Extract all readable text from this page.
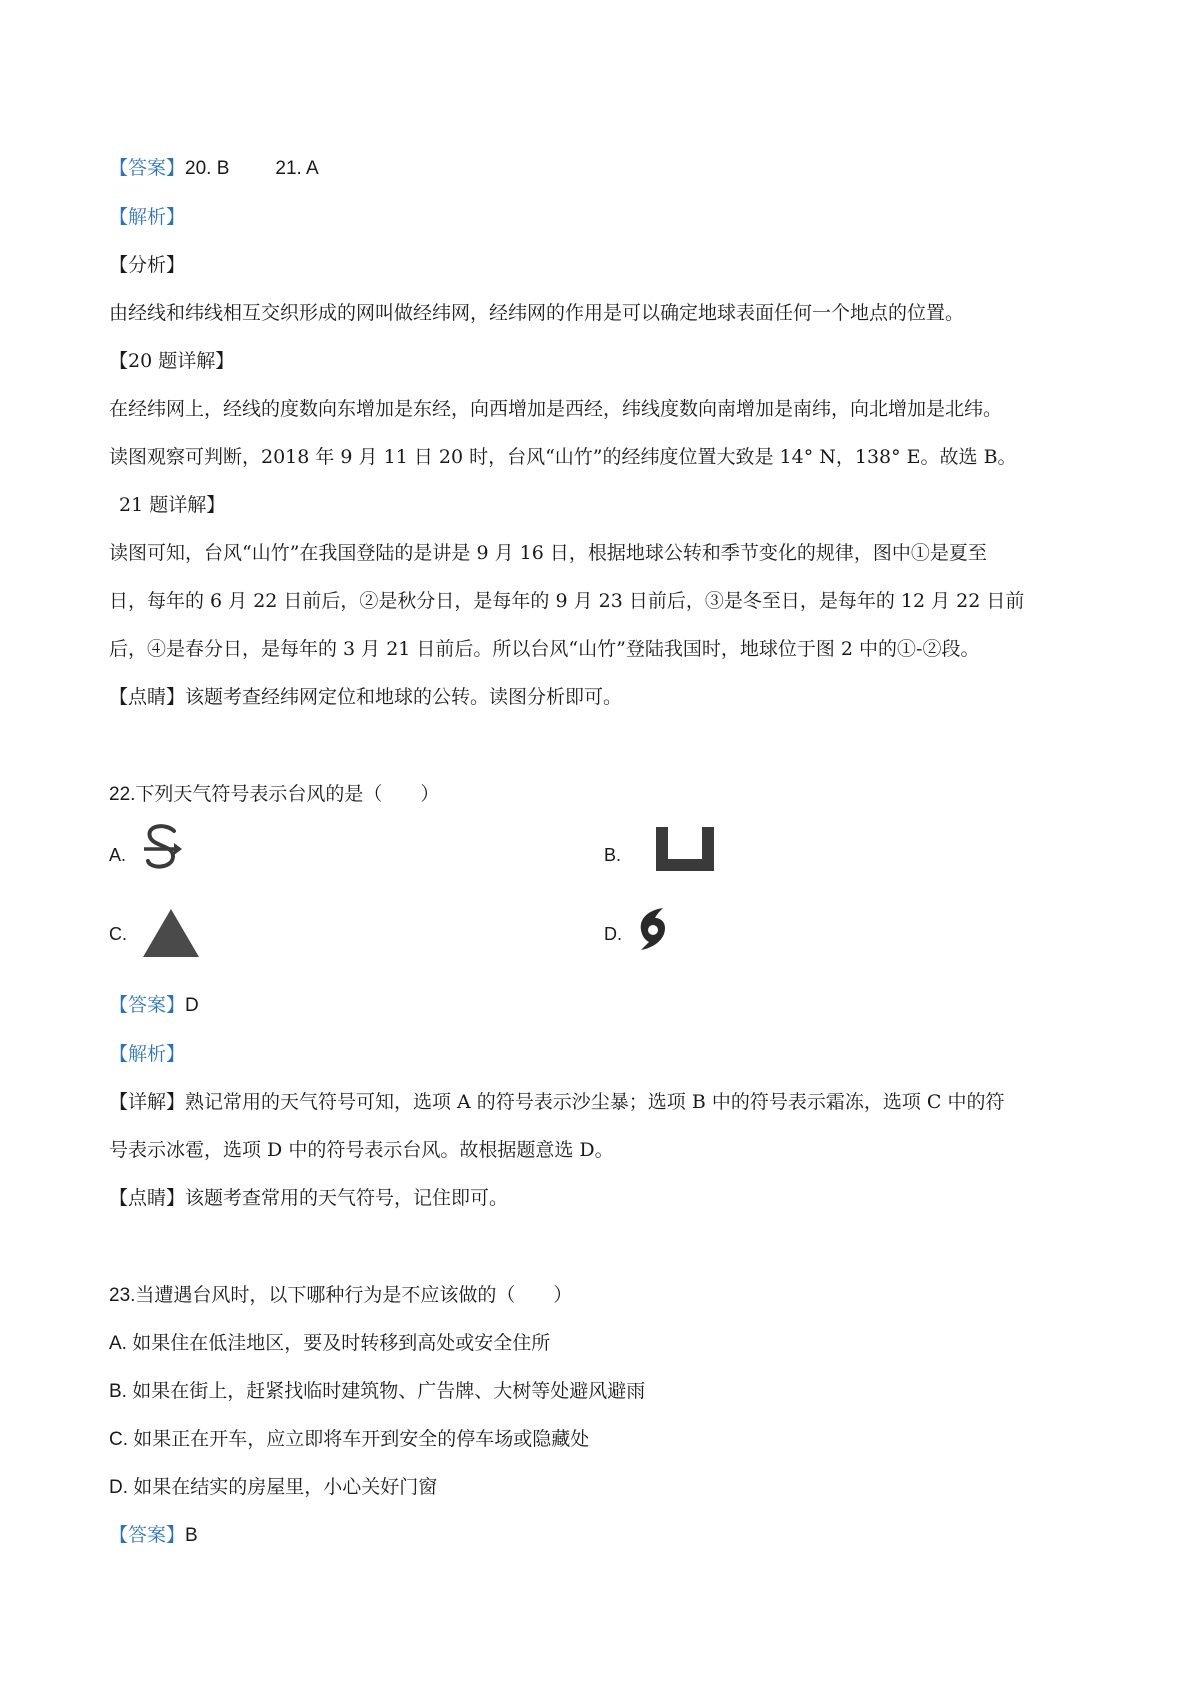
【答案】20. B 21. A
【解析】
【分析】
由经线和纬线相互交织形成的网叫做经纬网，经纬网的作用是可以确定地球表面任何一个地点的位置。
【20 题详解】
在经纬网上，经线的度数向东增加是东经，向西增加是西经，纬线度数向南增加是南纬，向北增加是北纬。
读图观察可判断，2018 年 9 月 11 日 20 时，台风“山竹”的经纬度位置大致是 14° N，138° E。故选 B。
21 题详解】
读图可知，台风“山竹”在我国登陆的是讲是 9 月 16 日，根据地球公转和季节变化的规律，图中①是夏至
日，每年的 6 月 22 日前后，②是秋分日，是每年的 9 月 23 日前后，③是冬至日，是每年的 12 月 22 日前
后，④是春分日，是每年的 3 月 21 日前后。所以台风“山竹”登陆我国时，地球位于图 2 中的①-②段。
【点睛】该题考查经纬网定位和地球的公转。读图分析即可。
22.下列天气符号表示台风的是（　　）
A.	B.
C.	D.
【答案】D
【解析】
【详解】熟记常用的天气符号可知，选项 A 的符号表示沙尘暴；选项 B 中的符号表示霜冻，选项 C 中的符
号表示冰雹，选项 D 中的符号表示台风。故根据题意选 D。
【点睛】该题考查常用的天气符号，记住即可。
23.当遭遇台风时，以下哪种行为是不应该做的（　　）
A. 如果住在低洼地区，要及时转移到高处或安全住所
B. 如果在街上，赶紧找临时建筑物、广告牌、大树等处避风避雨
C. 如果正在开车，应立即将车开到安全的停车场或隐藏处
D. 如果在结实的房屋里，小心关好门窗
【答案】B
